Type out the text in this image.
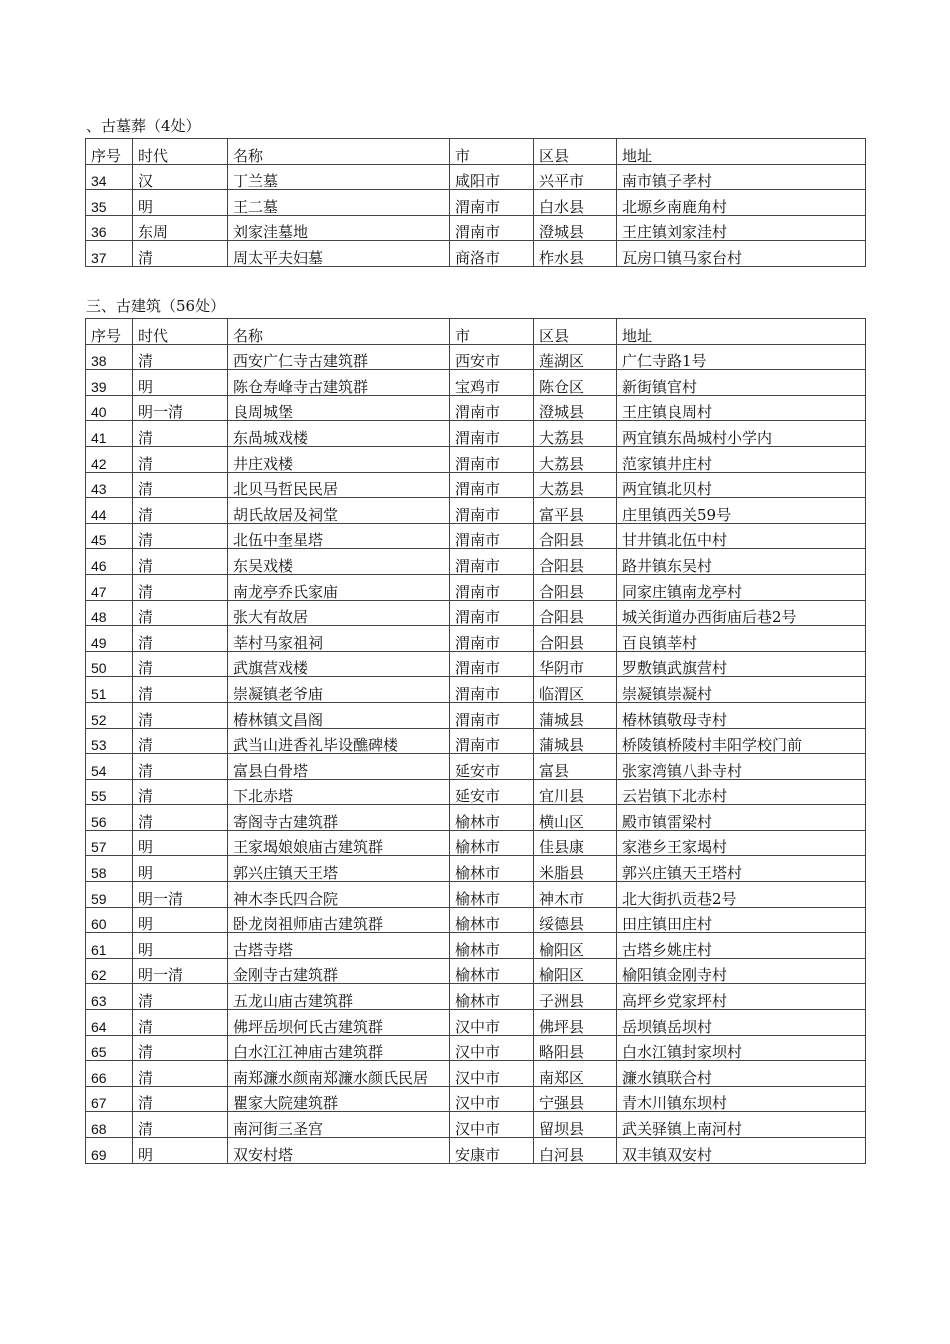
、古墓葬（4处）
序号	时代	名称	市	区县	地址
34	汉	丁兰墓	咸阳市	兴平市	南市镇子孝村
35	明	王二墓	渭南市	白水县	北塬乡南鹿角村
36	东周	刘家洼墓地	渭南市	澄城县	王庄镇刘家洼村
37	清	周太平夫妇墓	商洛市	柞水县	瓦房口镇马家台村
三、古建筑（56处）
序号	时代	名称	市	区县	地址
38	清	西安广仁寺古建筑群	西安市	莲湖区	广仁寺路1号
39	明	陈仓寿峰寺古建筑群	宝鸡市	陈仓区	新街镇官村
40	明一清	良周城堡	渭南市	澄城县	王庄镇良周村
41	清	东咼城戏楼	渭南市	大荔县	两宜镇东咼城村小学内
42	清	井庄戏楼	渭南市	大荔县	范家镇井庄村
43	清	北贝马哲民民居	渭南市	大荔县	两宜镇北贝村
44	清	胡氏故居及祠堂	渭南市	富平县	庄里镇西关59号
45	清	北伍中奎星塔	渭南市	合阳县	甘井镇北伍中村
46	清	东吴戏楼	渭南市	合阳县	路井镇东吴村
47	清	南龙亭乔氏家庙	渭南市	合阳县	同家庄镇南龙亭村
48	清	张大有故居	渭南市	合阳县	城关街道办西街庙后巷2号
49	清	莘村马家祖祠	渭南市	合阳县	百良镇莘村
50	清	武旗营戏楼	渭南市	华阴市	罗敷镇武旗营村
51	清	崇凝镇老爷庙	渭南市	临渭区	崇凝镇崇凝村
52	清	椿林镇文昌阁	渭南市	蒲城县	椿林镇敬母寺村
53	清	武当山进香礼毕设醮碑楼	渭南市	蒲城县	桥陵镇桥陵村丰阳学校门前
54	清	富县白骨塔	延安市	富县	张家湾镇八卦寺村
55	清	下北赤塔	延安市	宜川县	云岩镇下北赤村
56	清	寄阁寺古建筑群	榆林市	横山区	殿市镇雷梁村
57	明	王家堨娘娘庙古建筑群	榆林市	佳县康	家港乡王家堨村
58	明	郭兴庄镇天王塔	榆林市	米脂县	郭兴庄镇天王塔村
59	明一清	神木李氏四合院	榆林市	神木市	北大街扒贡巷2号
60	明	卧龙岗祖师庙古建筑群	榆林市	绥德县	田庄镇田庄村
61	明	古塔寺塔	榆林市	榆阳区	古塔乡姚庄村
62	明一清	金刚寺古建筑群	榆林市	榆阳区	榆阳镇金刚寺村
63	清	五龙山庙古建筑群	榆林市	子洲县	高坪乡党家坪村
64	清	佛坪岳坝何氏古建筑群	汉中市	佛坪县	岳坝镇岳坝村
65	清	白水江江神庙古建筑群	汉中市	略阳县	白水江镇封家坝村
66	清	南郑濂水颜南郑濂水颜氏民居	汉中市	南郑区	濂水镇联合村
67	清	瞿家大院建筑群	汉中市	宁强县	青木川镇东坝村
68	清	南河街三圣宫	汉中市	留坝县	武关驿镇上南河村
69	明	双安村塔	安康市	白河县	双丰镇双安村
